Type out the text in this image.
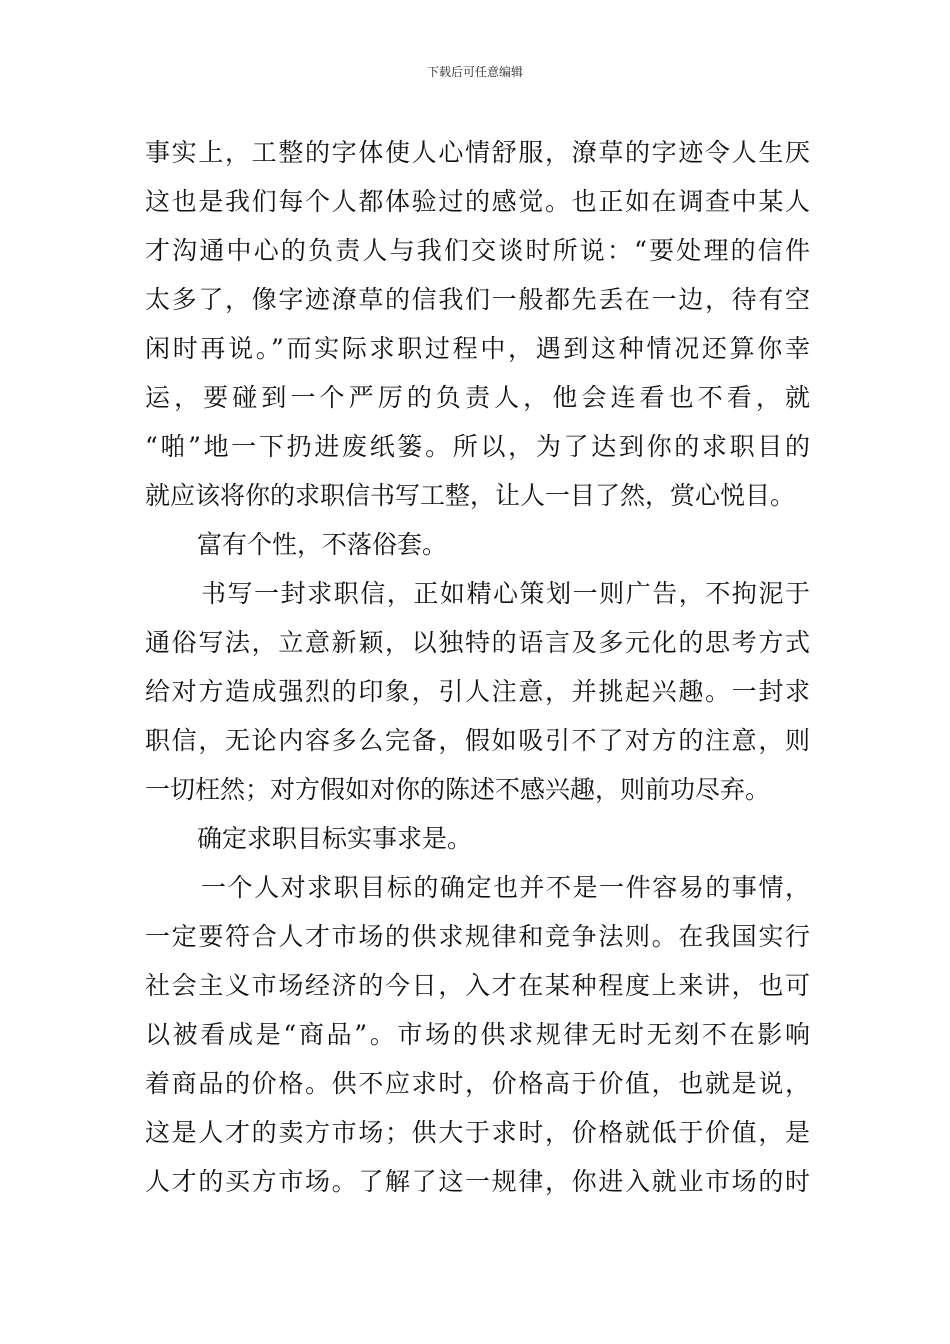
下载后可任意编辑
事实上，工整的字体使人心情舒服，潦草的字迹令人生厌
这也是我们每个人都体验过的感觉。也正如在调查中某人
才沟通中心的负责人与我们交谈时所说：“要处理的信件
太多了，像字迹潦草的信我们一般都先丢在一边，待有空
闲时再说。”而实际求职过程中，遇到这种情况还算你幸
运，要碰到一个严厉的负责人，他会连看也不看，就
“啪”地一下扔进废纸篓。所以，为了达到你的求职目的
就应该将你的求职信书写工整，让人一目了然，赏心悦目。
富有个性，不落俗套。
书写一封求职信，正如精心策划一则广告，不拘泥于
通俗写法，立意新颖，以独特的语言及多元化的思考方式
给对方造成强烈的印象，引人注意，并挑起兴趣。一封求
职信，无论内容多么完备，假如吸引不了对方的注意，则
一切枉然；对方假如对你的陈述不感兴趣，则前功尽弃。
确定求职目标实事求是。
一个人对求职目标的确定也并不是一件容易的事情，
一定要符合人才市场的供求规律和竞争法则。在我国实行
社会主义市场经济的今日，入才在某种程度上来讲，也可
以被看成是“商品”。市场的供求规律无时无刻不在影响
着商品的价格。供不应求时，价格高于价值，也就是说，
这是人才的卖方市场；供大于求时，价格就低于价值，是
人才的买方市场。了解了这一规律，你进入就业市场的时
